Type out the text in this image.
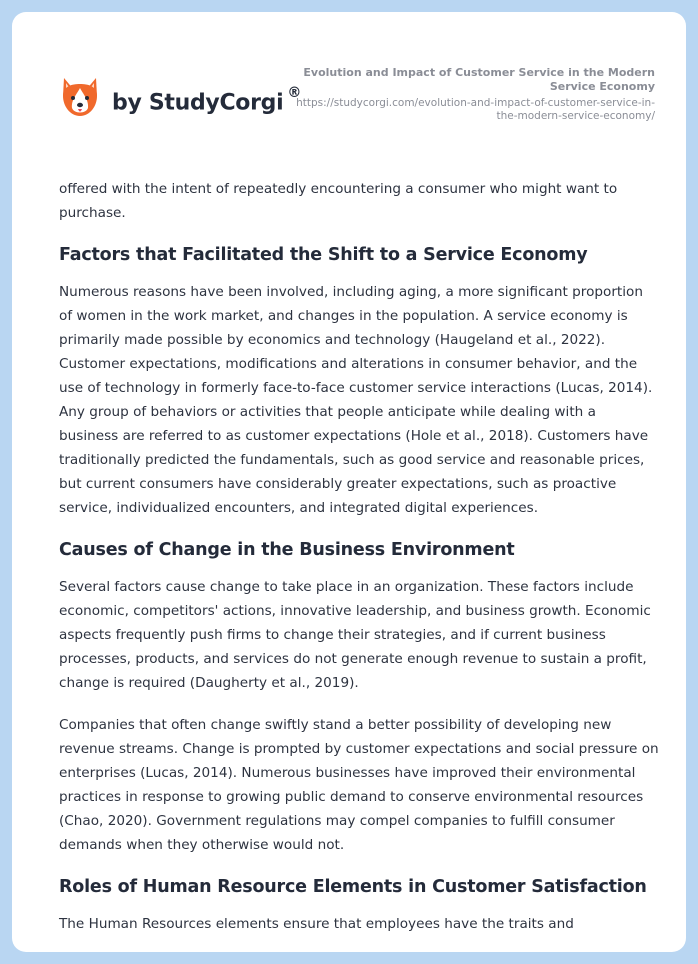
by StudyCorgi ®
Evolution and Impact of Customer Service in the Modern Service Economy
https://studycorgi.com/evolution-and-impact-of-customer-service-in-the-modern-service-economy/

offered with the intent of repeatedly encountering a consumer who might want to purchase.

Factors that Facilitated the Shift to a Service Economy

Numerous reasons have been involved, including aging, a more significant proportion of women in the work market, and changes in the population. A service economy is primarily made possible by economics and technology (Haugeland et al., 2022). Customer expectations, modifications and alterations in consumer behavior, and the use of technology in formerly face-to-face customer service interactions (Lucas, 2014). Any group of behaviors or activities that people anticipate while dealing with a business are referred to as customer expectations (Hole et al., 2018). Customers have traditionally predicted the fundamentals, such as good service and reasonable prices, but current consumers have considerably greater expectations, such as proactive service, individualized encounters, and integrated digital experiences.

Causes of Change in the Business Environment

Several factors cause change to take place in an organization. These factors include economic, competitors' actions, innovative leadership, and business growth. Economic aspects frequently push firms to change their strategies, and if current business processes, products, and services do not generate enough revenue to sustain a profit, change is required (Daugherty et al., 2019).

Companies that often change swiftly stand a better possibility of developing new revenue streams. Change is prompted by customer expectations and social pressure on enterprises (Lucas, 2014). Numerous businesses have improved their environmental practices in response to growing public demand to conserve environmental resources (Chao, 2020). Government regulations may compel companies to fulfill consumer demands when they otherwise would not.

Roles of Human Resource Elements in Customer Satisfaction

The Human Resources elements ensure that employees have the traits and
